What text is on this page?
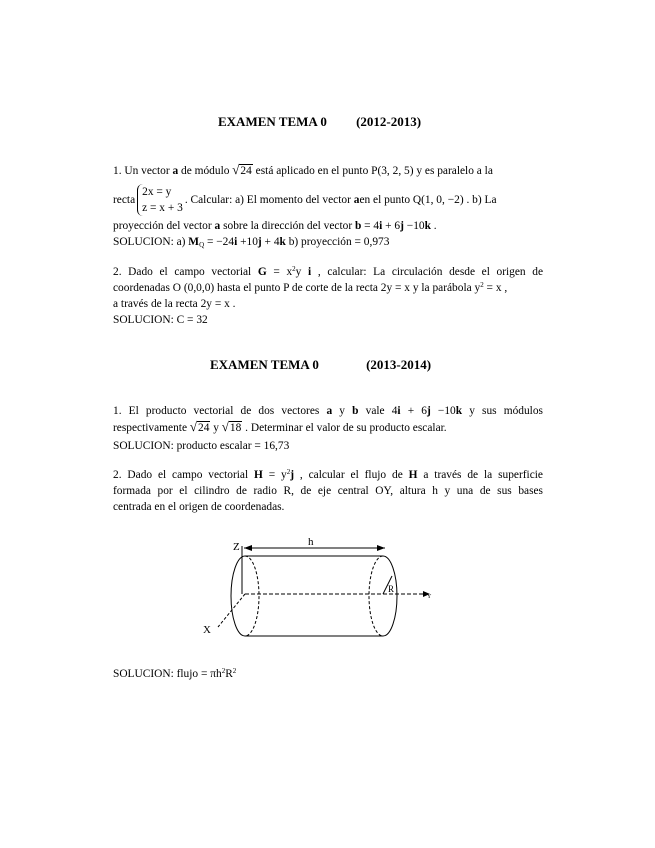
EXAMEN TEMA 0 (2012-2013)
1. Un vector a de módulo √24 está aplicado en el punto P(3, 2, 5) y es paralelo a la
recta
2x = y
z = x + 3
. Calcular: a) El momento del vector
a en el punto Q(1, 0, −2) . b) La
proyección del vector a sobre la dirección del vector b = 4i + 6j −10k .
SOLUCION: a) $M_Q = -24i +10j + 4k$ b) proyección = 0,973
2. Dado el campo vectorial $G = x^2y$ i , calcular: La circulación desde el origen de
coordenadas O (0,0,0) hasta el punto P de corte de la recta 2y = x y la parábola $y^2 = x$ ,
a través de la recta 2y = x .
SOLUCION: C = 32
EXAMEN TEMA 0	(2013-2014)
1. El producto vectorial de dos vectores a y b vale 4i + 6j −10k y sus módulos
respectivamente √24 y √18 . Determinar el valor de su producto escalar.
SOLUCION: producto escalar = 16,73
2. Dado el campo vectorial $H = y^2j$ , calcular el flujo de H a través de la superficie
formada por el cilindro de radio R, de eje central OY, altura h y una de sus bases
centrada en el origen de coordenadas.
Z	h
X
R
Y
SOLUCION: flujo = $\pi h^2R^2$
